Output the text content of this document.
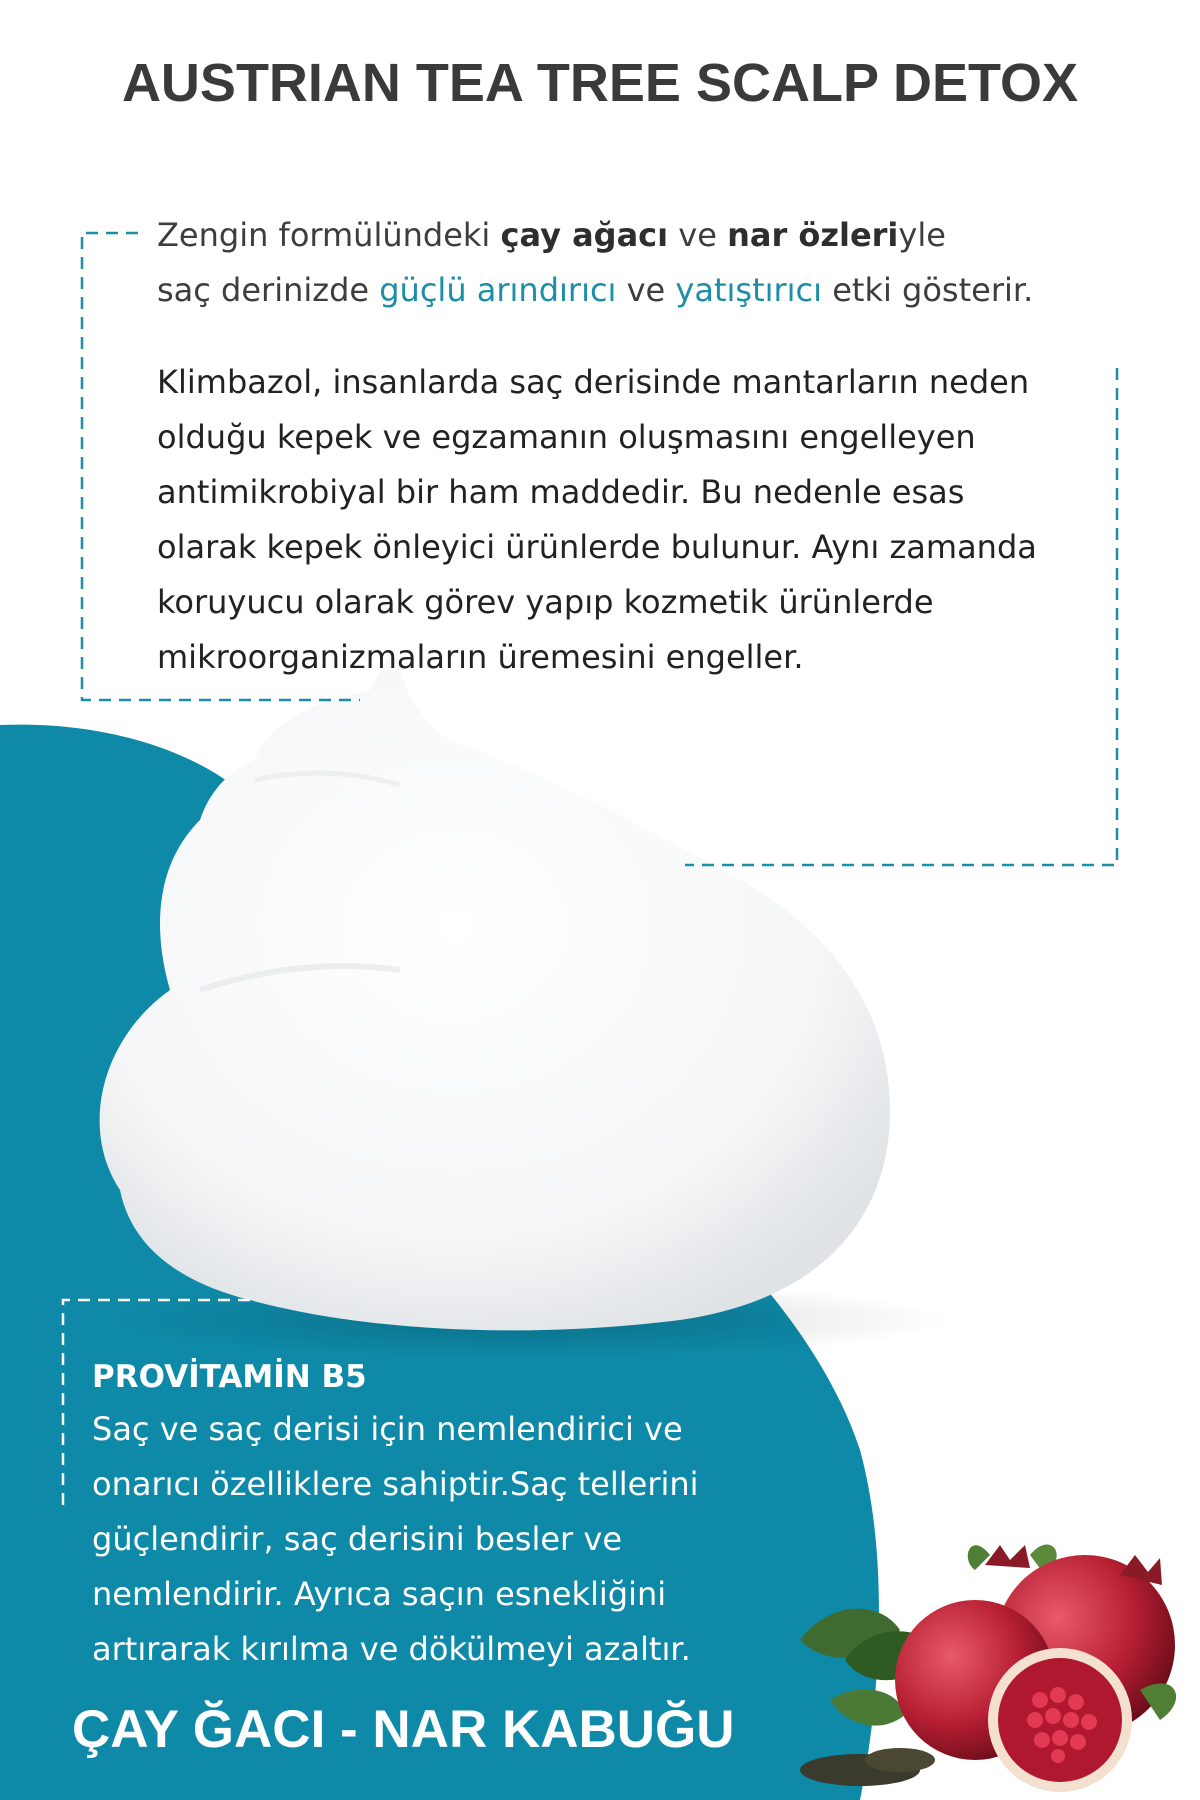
AUSTRIAN TEA TREE SCALP DETOX
Zengin formülündeki çay ağacı ve nar özleriyle
saç derinizde güçlü arındırıcı ve yatıştırıcı etki gösterir.
Klimbazol, insanlarda saç derisinde mantarların neden
olduğu kepek ve egzamanın oluşmasını engelleyen
antimikrobiyal bir ham maddedir. Bu nedenle esas
olarak kepek önleyici ürünlerde bulunur. Aynı zamanda
koruyucu olarak görev yapıp kozmetik ürünlerde
mikroorganizmaların üremesini engeller.

PROVİTAMİN B5

Saç ve saç derisi için nemlendirici ve

onarıcı özelliklere sahiptir.Saç tellerini

güçlendirir, saç derisini besler ve

nemlendirir. Ayrıca saçın esnekliğini

artırarak kırılma ve dökülmeyi azaltır.

ÇAY ĞACI - NAR KABUĞU
